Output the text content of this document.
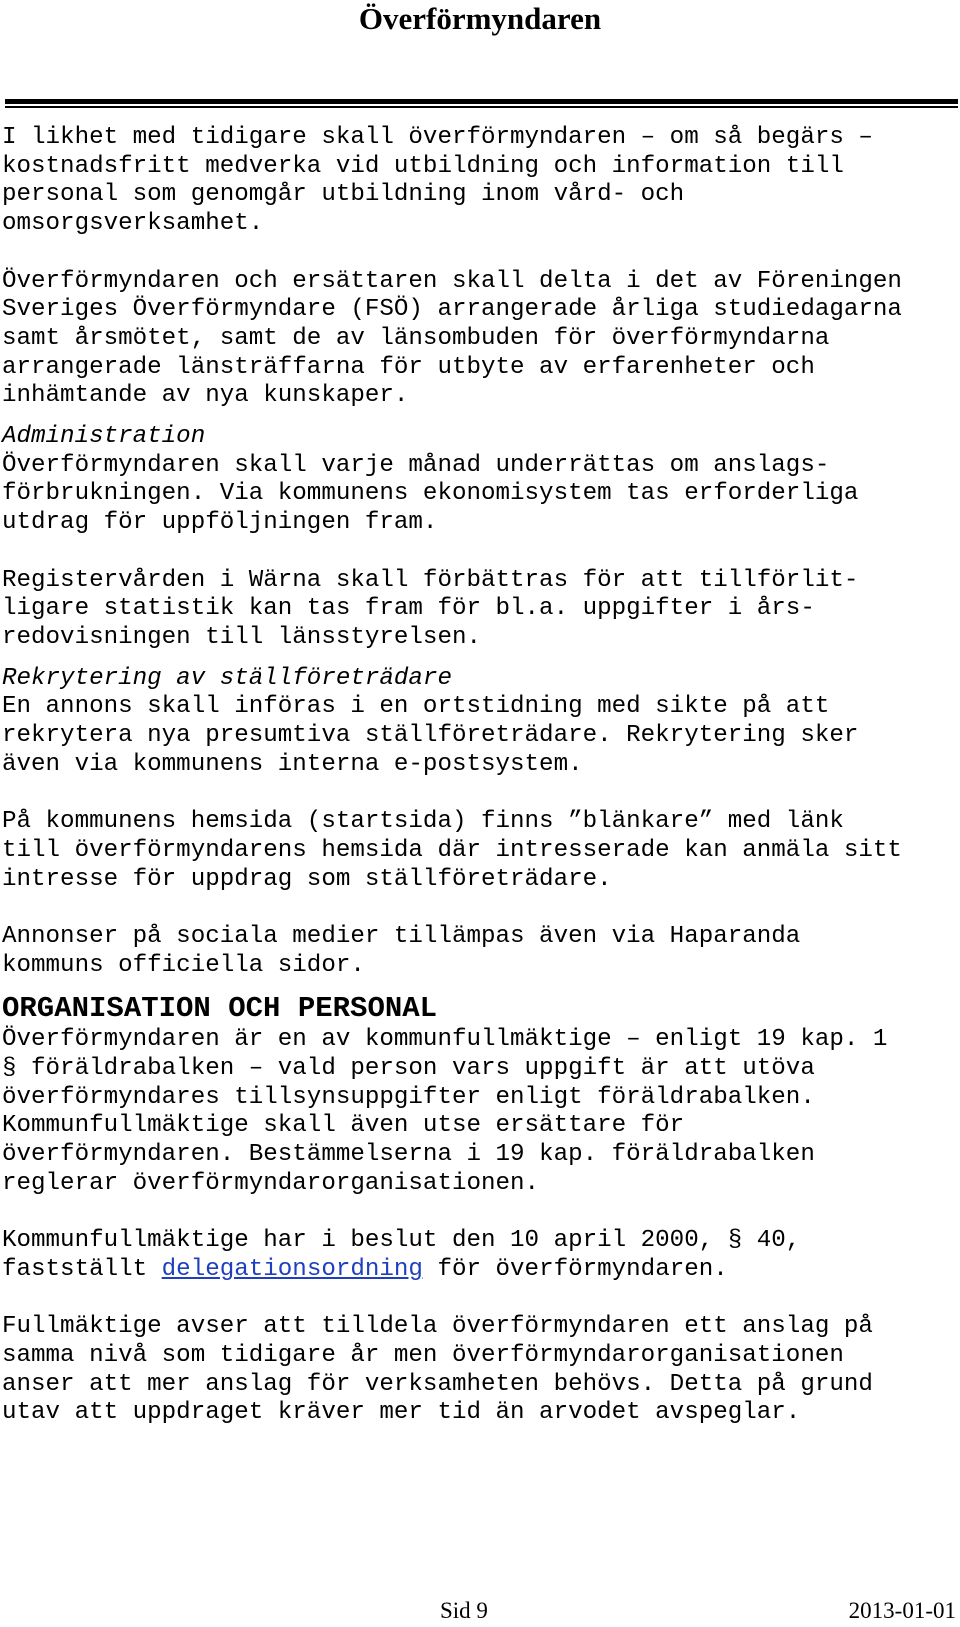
Överförmyndaren

I likhet med tidigare skall överförmyndaren – om så begärs –

kostnadsfritt medverka vid utbildning och information till

personal som genomgår utbildning inom vård- och

omsorgsverksamhet.

Överförmyndaren och ersättaren skall delta i det av Föreningen

Sveriges Överförmyndare (FSÖ) arrangerade årliga studiedagarna

samt årsmötet, samt de av länsombuden för överförmyndarna

arrangerade länsträffarna för utbyte av erfarenheter och

inhämtande av nya kunskaper.

Administration

Överförmyndaren skall varje månad underrättas om anslags-

förbrukningen. Via kommunens ekonomisystem tas erforderliga

utdrag för uppföljningen fram.

Registervården i Wärna skall förbättras för att tillförlit-

ligare statistik kan tas fram för bl.a. uppgifter i års-

redovisningen till länsstyrelsen.

Rekrytering av ställföreträdare

En annons skall införas i en ortstidning med sikte på att

rekrytera nya presumtiva ställföreträdare. Rekrytering sker

även via kommunens interna e-postsystem.

På kommunens hemsida (startsida) finns ”blänkare” med länk

till överförmyndarens hemsida där intresserade kan anmäla sitt

intresse för uppdrag som ställföreträdare.

Annonser på sociala medier tillämpas även via Haparanda

kommuns officiella sidor.

ORGANISATION OCH PERSONAL

Överförmyndaren är en av kommunfullmäktige – enligt 19 kap. 1

§ föräldrabalken – vald person vars uppgift är att utöva

överförmyndares tillsynsuppgifter enligt föräldrabalken.

Kommunfullmäktige skall även utse ersättare för

överförmyndaren. Bestämmelserna i 19 kap. föräldrabalken

reglerar överförmyndarorganisationen.

Kommunfullmäktige har i beslut den 10 april 2000, § 40,

fastställt delegationsordning för överförmyndaren.

Fullmäktige avser att tilldela överförmyndaren ett anslag på

samma nivå som tidigare år men överförmyndarorganisationen

anser att mer anslag för verksamheten behövs. Detta på grund

utav att uppdraget kräver mer tid än arvodet avspeglar.

Sid 9	2013-01-01
